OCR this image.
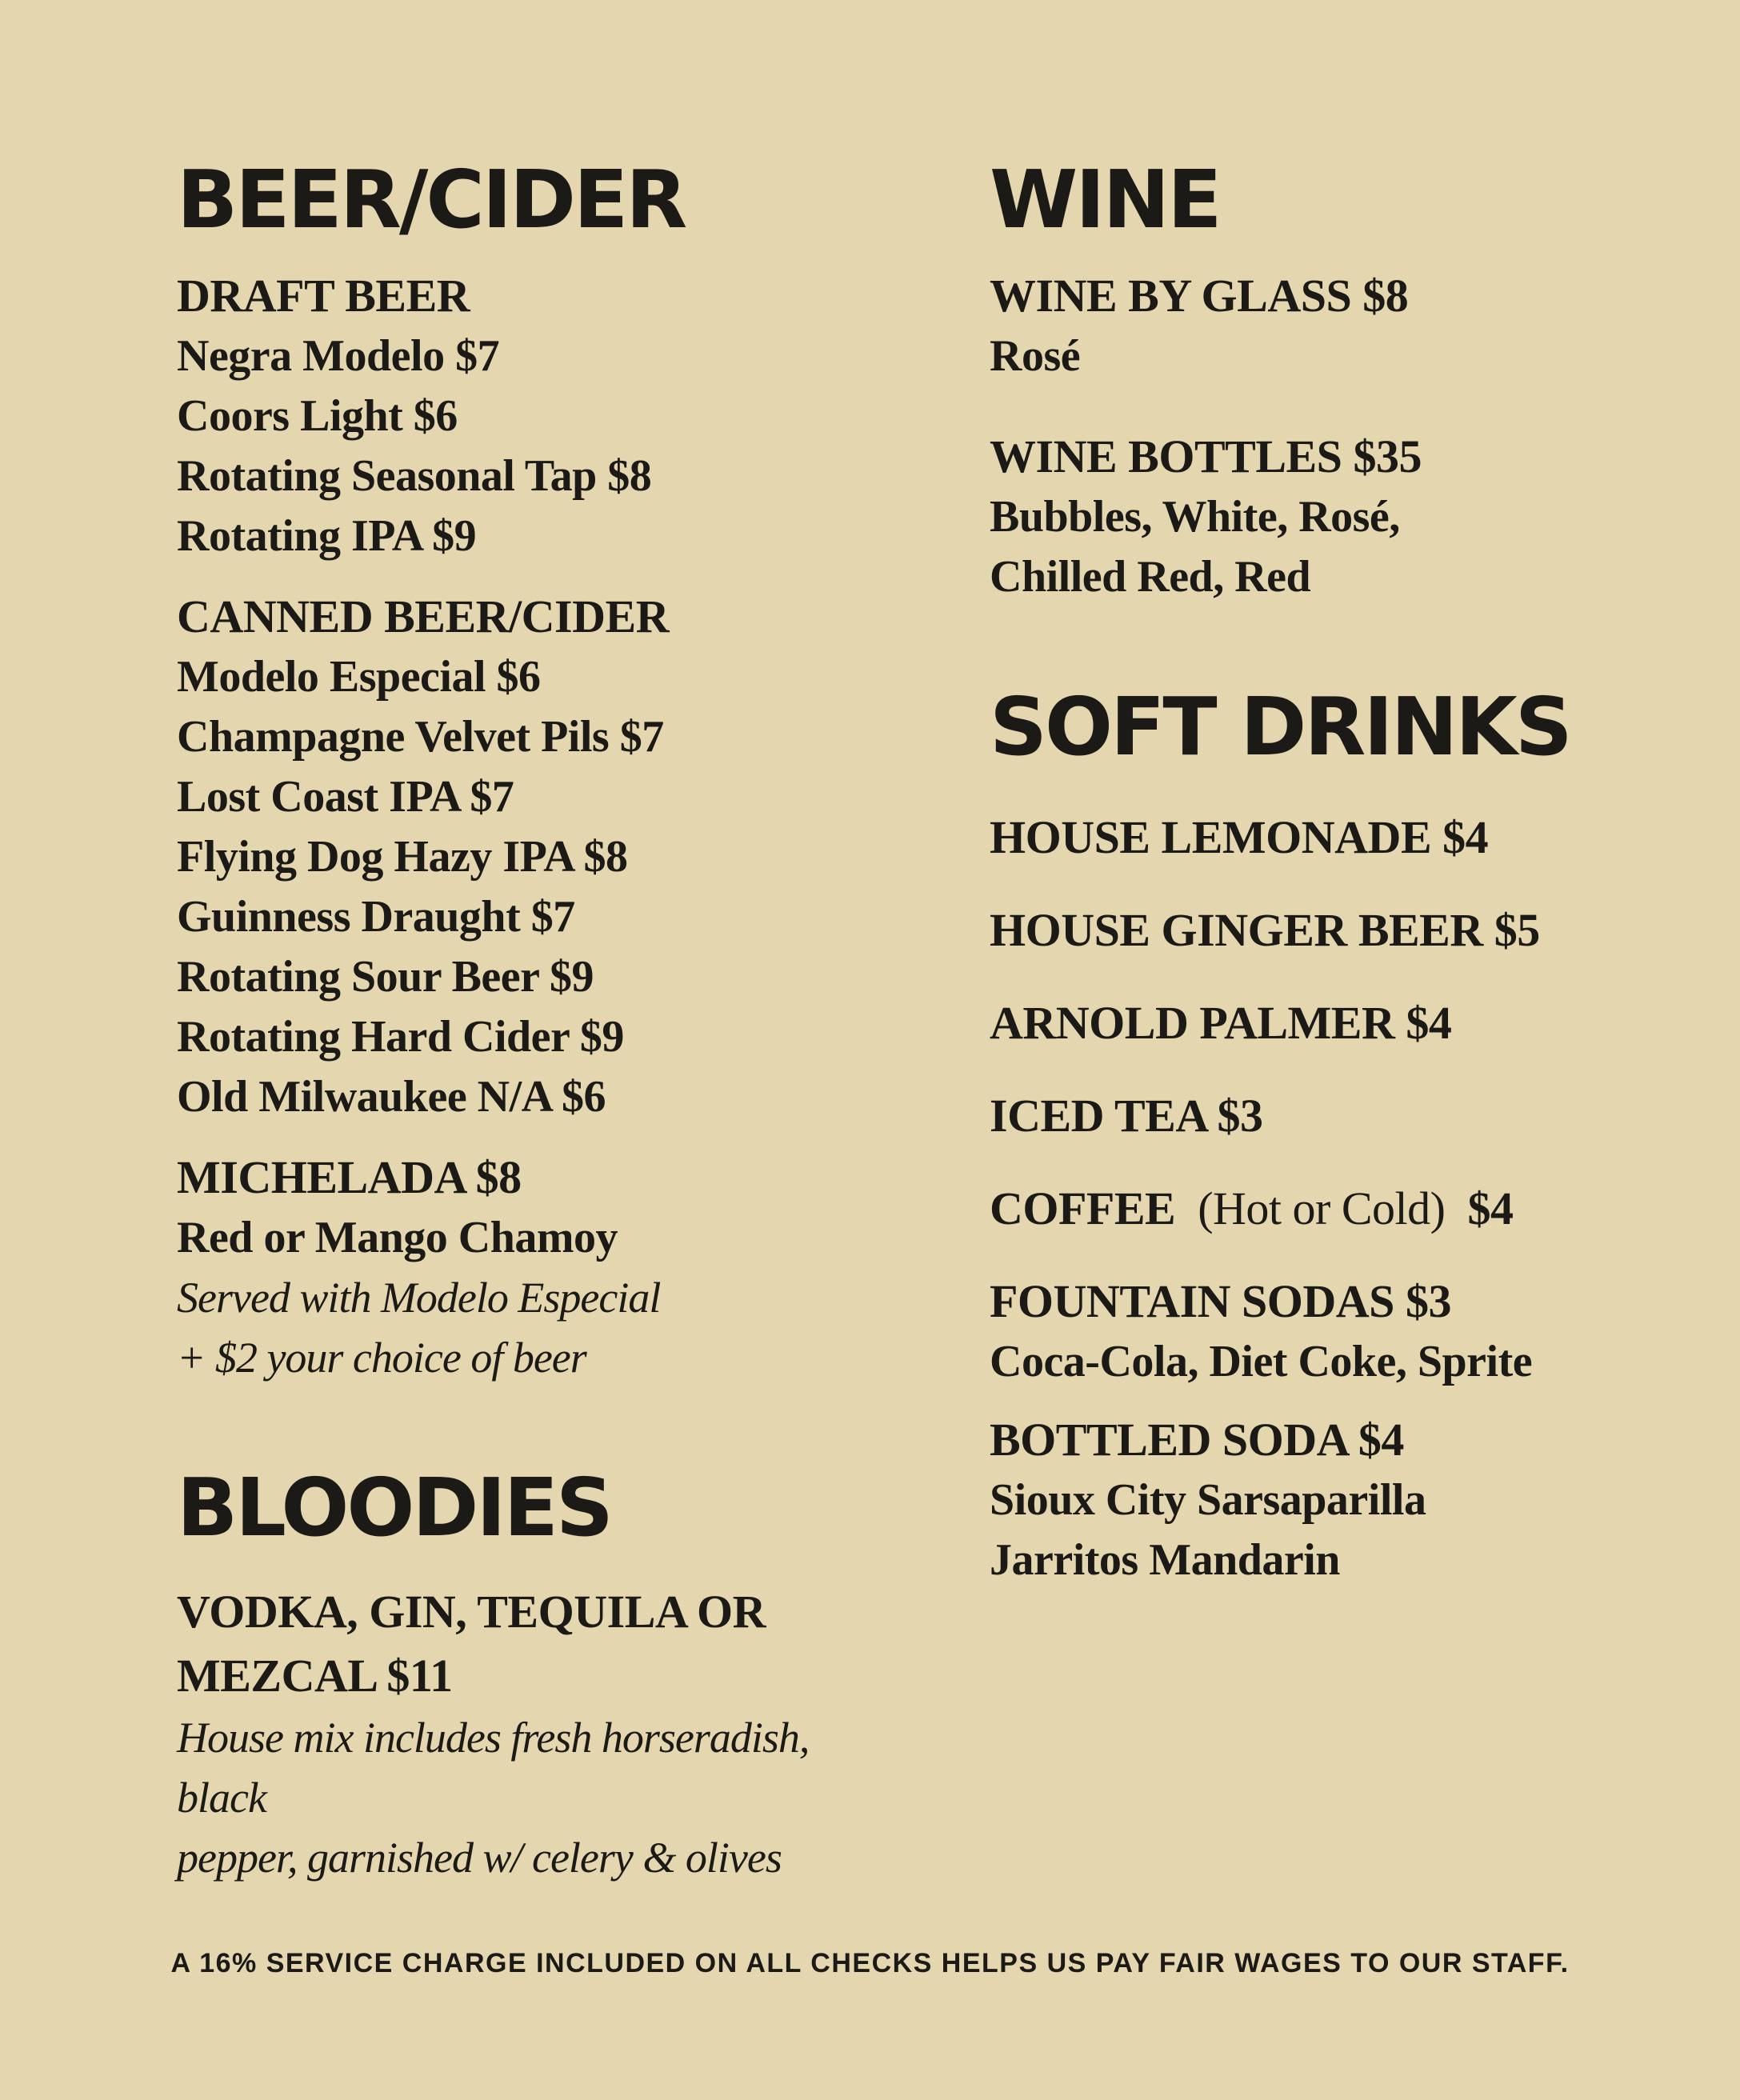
BEER/CIDER

DRAFT BEER

Negra Modelo $7

Coors Light $6

Rotating Seasonal Tap $8

Rotating IPA $9

CANNED BEER/CIDER

Modelo Especial $6

Champagne Velvet Pils $7

Lost Coast IPA $7

Flying Dog Hazy IPA $8

Guinness Draught $7

Rotating Sour Beer $9

Rotating Hard Cider $9

Old Milwaukee N/A $6

MICHELADA $8

Red or Mango Chamoy

Served with Modelo Especial

+ $2 your choice of beer

BLOODIES

VODKA, GIN, TEQUILA OR

MEZCAL $11

House mix includes fresh horseradish, black

pepper, garnished w/ celery & olives

WINE

WINE BY GLASS $8

Rosé

WINE BOTTLES $35

Bubbles, White, Rosé,

Chilled Red, Red

SOFT DRINKS

HOUSE LEMONADE $4

HOUSE GINGER BEER $5

ARNOLD PALMER $4

ICED TEA $3

COFFEE (Hot or Cold) $4

FOUNTAIN SODAS $3

Coca-Cola, Diet Coke, Sprite

BOTTLED SODA $4

Sioux City Sarsaparilla

Jarritos Mandarin

A 16% SERVICE CHARGE INCLUDED ON ALL CHECKS HELPS US PAY FAIR WAGES TO OUR STAFF.
